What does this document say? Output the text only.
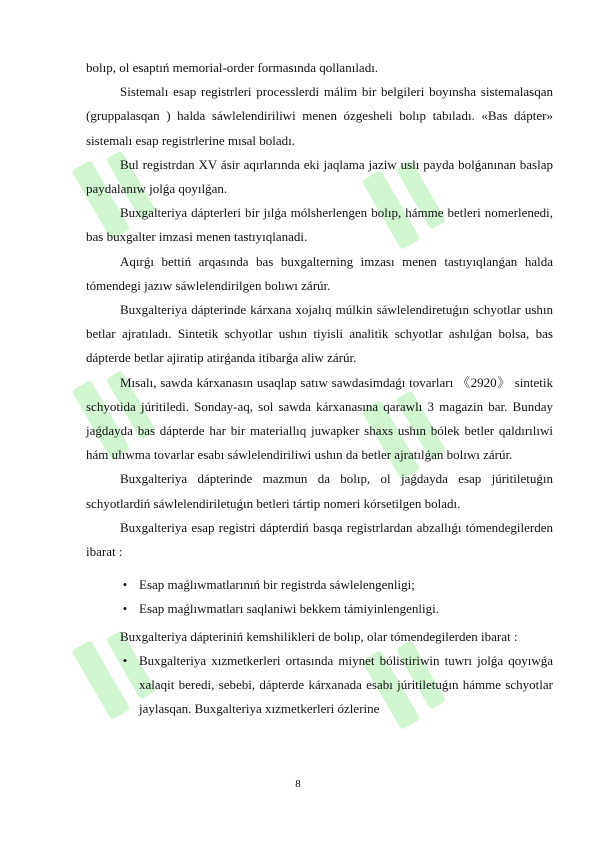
bolıp, ol esaptıń memorial-order formasında qollanıladı.

Sistemalı esap registrleri processlerdi málim bir belgileri boyınsha sistemalasqan (gruppalasqan ) halda sáwlelendiriliwi menen ózgesheli bolıp tabıladı. «Bas dápter» sistemalı esap registrlerine mısal boladı.

Bul registrdan XV ásir aqırlarında eki jaqlama jaziw uslı payda bolǵanınan baslap paydalanıw jolǵa qoyılǵan.

Buxgalteriya dápterleri bir jılǵa mólsherlengen bolıp, hámme betleri nomerlenedi, bas buxgalter imzasi menen tastıyıqlanadi.

Aqırǵı bettiń arqasında bas buxgalterning imzası menen tastıyıqlanǵan halda tómendegi jazıw sáwlelendirilgen bolıwı zárúr.

Buxgalteriya dápterinde kárxana xojalıq múlkin sáwlelendiretuǵın schyotlar ushın betlar ajratıladı. Sintetik schyotlar ushın tiyisli analitik schyotlar ashılǵan bolsa, bas dápterde betlar ajiratip atirǵanda itibarǵa aliw zárúr.

Mısalı, sawda kárxanasın usaqlap satıw sawdasimdaǵı tovarları 《2920》 sintetik schyotida júritiledi. Sonday-aq, sol sawda kárxanasına qarawlı 3 magazin bar. Bunday jaǵdayda bas dápterde har bir materiallıq juwapker shaxs ushın bólek betler qaldırılıwi hám ulıwma tovarlar esabı sáwlelendiriliwi ushın da betler ajratılǵan bolıwı zárúr.

Buxgalteriya dápterinde mazmun da bolıp, ol jaǵdayda esap júritiletuǵın schyotlardiń sáwlelendiriletuǵın betleri tártip nomeri kórsetilgen boladı.

Buxgalteriya esap registri dápterdiń basqa registrlardan abzallıǵı tómendegilerden ibarat :

• Esap maǵlıwmatlarınıń bir registrda sáwlelengenligi;
• Esap maǵlıwmatları saqlaniwi bekkem támiyinlengenligi.

Buxgalteriya dápteriniń kemshilikleri de bolıp, olar tómendegilerden ibarat :

• Buxgalteriya xızmetkerleri ortasında miynet bólistiriwin tuwrı jolǵa qoyıwǵa xalaqit beredi, sebebi, dápterde kárxanada esabı júritiletuǵın hámme schyotlar jaylasqan. Buxgalteriya xızmetkerleri ózlerine
8
